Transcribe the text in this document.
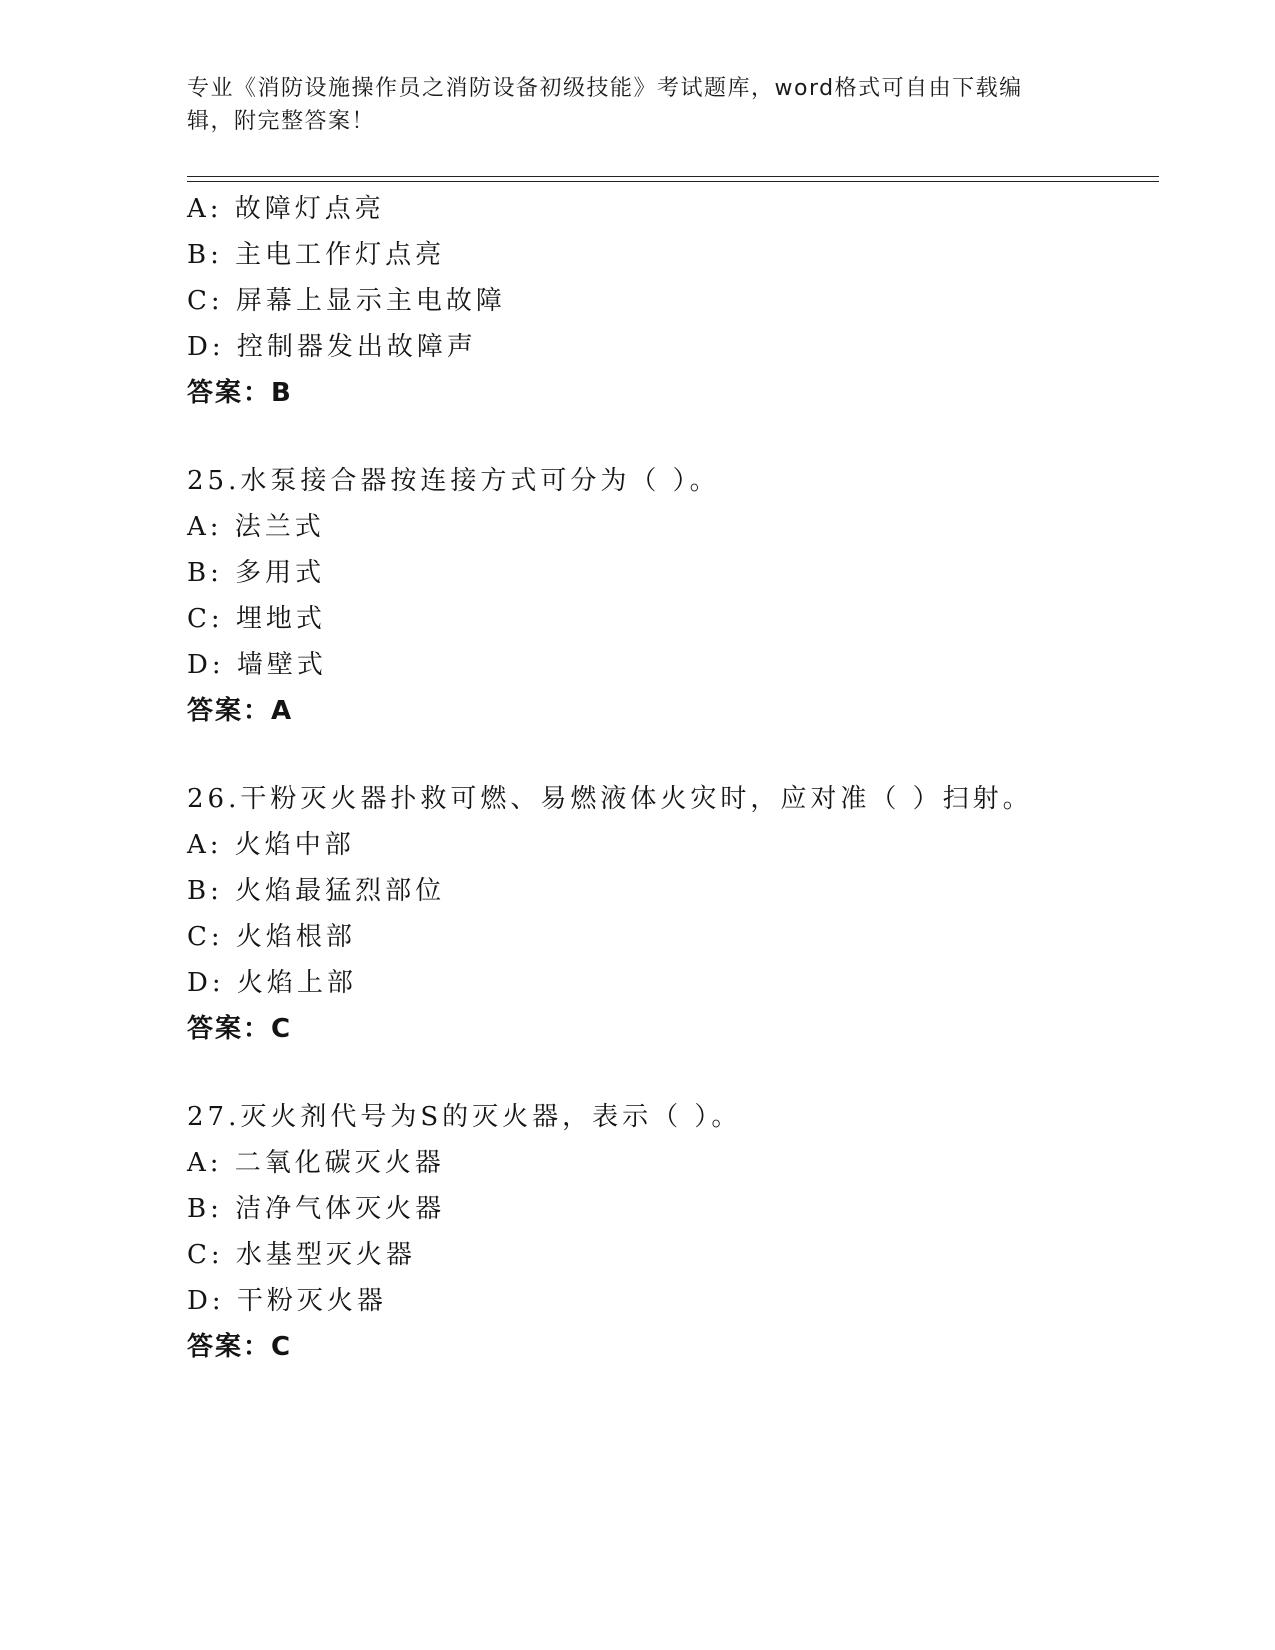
专业《消防设施操作员之消防设备初级技能》考试题库，word格式可自由下载编
辑，附完整答案！
A: 故障灯点亮
B: 主电工作灯点亮
C: 屏幕上显示主电故障
D: 控制器发出故障声
答案：B
25.水泵接合器按连接方式可分为（ ）。
A: 法兰式
B: 多用式
C: 埋地式
D: 墙壁式
答案：A
26.干粉灭火器扑救可燃、易燃液体火灾时，应对准（ ）扫射。
A: 火焰中部
B: 火焰最猛烈部位
C: 火焰根部
D: 火焰上部
答案：C
27.灭火剂代号为S的灭火器，表示（ ）。
A: 二氧化碳灭火器
B: 洁净气体灭火器
C: 水基型灭火器
D: 干粉灭火器
答案：C
